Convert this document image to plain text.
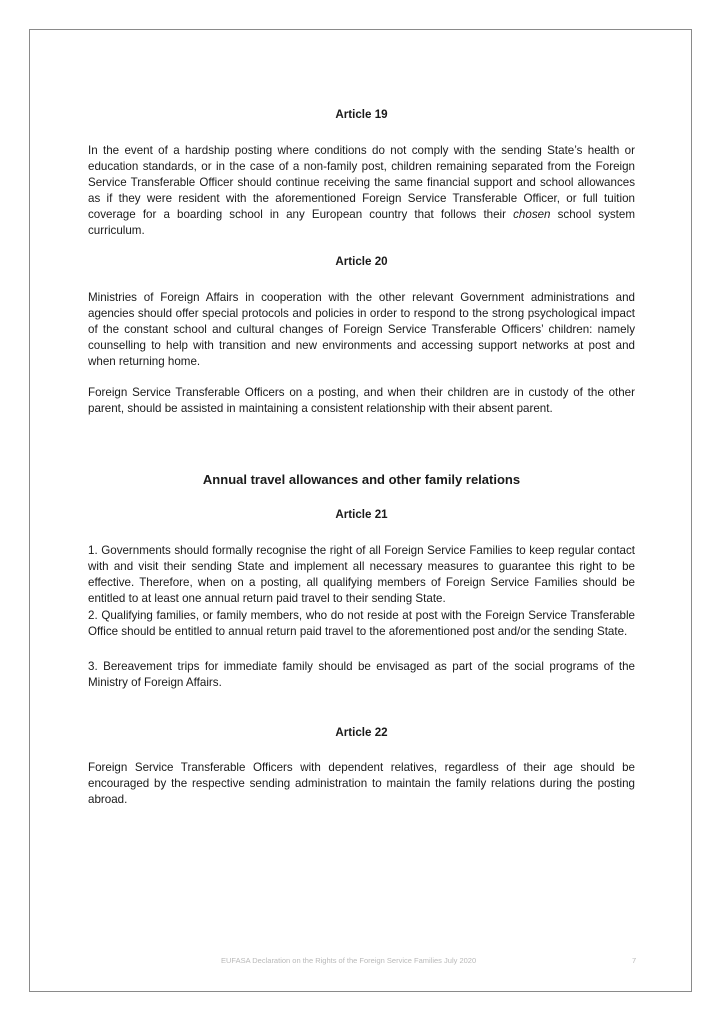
Article 19

In the event of a hardship posting where conditions do not comply with the sending State’s health or education standards, or in the case of a non-family post, children remaining separated from the Foreign Service Transferable Officer should continue receiving the same financial support and school allowances as if they were resident with the aforementioned Foreign Service Transferable Officer, or full tuition coverage for a boarding school in any European country that follows their chosen school system curriculum.

Article 20

Ministries of Foreign Affairs in cooperation with the other relevant Government administrations and agencies should offer special protocols and policies in order to respond to the strong psychological impact of the constant school and cultural changes of Foreign Service Transferable Officers’ children: namely counselling to help with transition and new environments and accessing support networks at post and when returning home.

Foreign Service Transferable Officers on a posting, and when their children are in custody of the other parent, should be assisted in maintaining a consistent relationship with their absent parent.

Annual travel allowances and other family relations
Article 21

1. Governments should formally recognise the right of all Foreign Service Families to keep regular contact with and visit their sending State and implement all necessary measures to guarantee this right to be effective. Therefore, when on a posting, all qualifying members of Foreign Service Families should be entitled to at least one annual return paid travel to their sending State.

2. Qualifying families, or family members, who do not reside at post with the Foreign Service Transferable Office should be entitled to annual return paid travel to the aforementioned post and/or the sending State.

3. Bereavement trips for immediate family should be envisaged as part of the social programs of the Ministry of Foreign Affairs.

Article 22

Foreign Service Transferable Officers with dependent relatives, regardless of their age should be encouraged by the respective sending administration to maintain the family relations during the posting abroad.

EUFASA Declaration on the Rights of the Foreign Service Families July 2020	7
